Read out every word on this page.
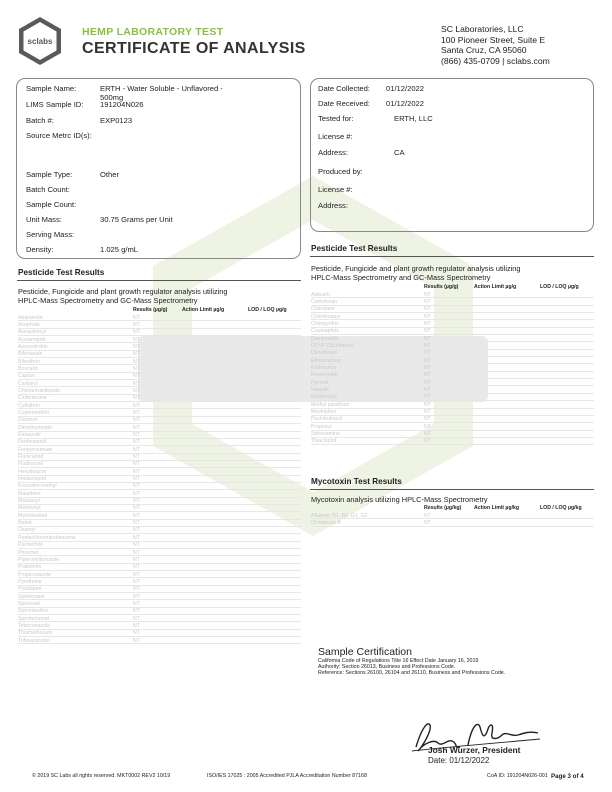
sclabs
HEMP LABORATORY TEST
CERTIFICATE OF ANALYSIS
SC Laboratories, LLC
100 Pioneer Street, Suite E
Santa Cruz, CA 95060
(866) 435-0709 | sclabs.com
Sample Name:	ERTH - Water Soluble - Unflavored -
500mg
LIMS Sample ID: 191204N026
Batch #:	EXP0123
Source Metrc ID(s):
Sample Type:	Other
Batch Count:
Sample Count:
Unit Mass:	30.75 Grams per Unit
Serving Mass:
Density:	1.025 g/mL
Date Collected: 01/12/2022
Date Received: 01/12/2022
Tested for:	ERTH, LLC
License #:
Address:	CA
Produced by:
License #:
Address:
Pesticide Test Results
Pesticide, Fungicide and plant growth regulator analysis utilizing
HPLC-Mass Spectrometry and GC-Mass Spectrometry
Results (µg/g)	Action Limit µg/g	LOD / LOQ µg/g
Abamectin	NT
Acephate	NT
Acequinocyl	NT
Acetamiprid	NT
Azoxystrobin	NT
Bifenazate	NT
Bifenthrin	NT
Boscalid	NT
Captan	NT
Carbaryl	NT
Chlorantraniliprole	NT
Clofentezine	NT
Cyfluthrin	NT
Cypermethrin	NT
Diazinon	NT
Dimethomorph	NT
Etoxazole	NT
Fenhexamid	NT
Fenpyroximate	NT
Flonicamid	NT
Fludioxonil	NT
Hexythiazox	NT
Imidacloprid	NT
Kresoxim-methyl	NT
Malathion	NT
Metalaxyl	NT
Methomyl	NT
Myclobutanil	NT
Naled	NT
Oxamyl	NT
Pentachloronitrobenzene	NT
Permethrin	NT
Phosmet	NT
Piperonylbutoxide	NT
Prallethrin	NT
Propiconazole	NT
Pyrethrins	NT
Pyridaben	NT
Spinetoram	NT
Spinosad	NT
Spiromesifen	NT
Spirotetramat	NT
Tebuconazole	NT
Thiamethoxam	NT
Trifloxystrobin	NT
Pesticide Test Results
Pesticide, Fungicide and plant growth regulator analysis utilizing
HPLC-Mass Spectrometry and GC-Mass Spectrometry
Results (µg/g)	Action Limit µg/g	LOD / LOQ µg/g
Aldicarb	NT
Carbofuran	NT
Chlordane	NT
Chlorfenapyr	NT
Chlorpyrifos	NT
Coumaphos	NT
Daminozide	NT
DDVP (Dichlorvos)	NT
Dimethoate	NT
Ethoprophos	NT
Etofenprox	NT
Fenoxycarb	NT
Fipronil	NT
Imazalil	NT
Methiocarb	NT
Methyl parathion	NT
Mevinphos	NT
Paclobutrazol	NT
Propoxur	NT
Spiroxamine	NT
Thiacloprid	NT
Mycotoxin Test Results
Mycotoxin analysis utilizing HPLC-Mass Spectrometry
Results (µg/kg) Action Limit µg/kg	LOD / LOQ µg/kg
Aflatoxin B1, B2, G1, G2	NT
Ochratoxin A	NT
Sample Certification
California Code of Regulations Title 16 Effect Date January 16, 2019
Authority: Section 26013, Business and Professions Code.
Reference: Sections 26100, 26104 and 26110, Business and Professions Code.
Josh Wurzer, President
Date: 01/12/2022
© 2019 SC Labs all rights reserved. MKT0002 REV2 10/19	ISO/IES 17025 : 2005 Accredited PJLA Accreditation Number 87168	CoA ID: 191204N026-001 Page 3 of 4
